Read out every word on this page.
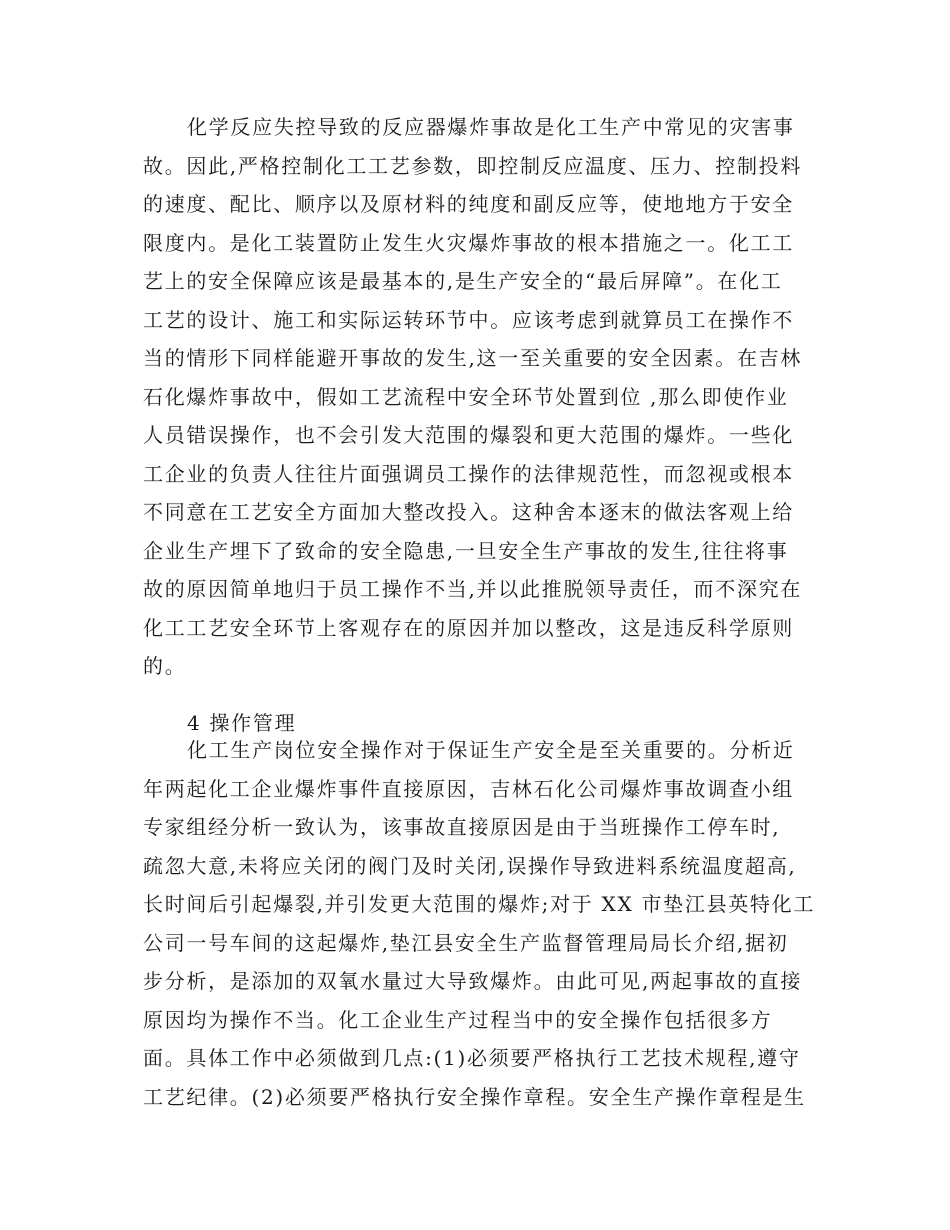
化学反应失控导致的反应器爆炸事故是化工生产中常见的灾害事
故。因此,严格控制化工工艺参数，即控制反应温度、压力、控制投料
的速度、配比、顺序以及原材料的纯度和副反应等，使地地方于安全
限度内。是化工装置防止发生火灾爆炸事故的根本措施之一。化工工
艺上的安全保障应该是最基本的,是生产安全的“最后屏障”。在化工
工艺的设计、施工和实际运转环节中。应该考虑到就算员工在操作不
当的情形下同样能避开事故的发生,这一至关重要的安全因素。在吉林
石化爆炸事故中，假如工艺流程中安全环节处置到位 ,那么即使作业
人员错误操作，也不会引发大范围的爆裂和更大范围的爆炸。一些化
工企业的负责人往往片面强调员工操作的法律规范性，而忽视或根本
不同意在工艺安全方面加大整改投入。这种舍本逐末的做法客观上给
企业生产埋下了致命的安全隐患,一旦安全生产事故的发生,往往将事
故的原因简单地归于员工操作不当,并以此推脱领导责任，而不深究在
化工工艺安全环节上客观存在的原因并加以整改，这是违反科学原则
的。
4 操作管理
化工生产岗位安全操作对于保证生产安全是至关重要的。分析近
年两起化工企业爆炸事件直接原因，吉林石化公司爆炸事故调查小组
专家组经分析一致认为，该事故直接原因是由于当班操作工停车时,
疏忽大意,未将应关闭的阀门及时关闭,误操作导致进料系统温度超高,
长时间后引起爆裂,并引发更大范围的爆炸;对于 XX 市垫江县英特化工
公司一号车间的这起爆炸,垫江县安全生产监督管理局局长介绍,据初
步分析，是添加的双氧水量过大导致爆炸。由此可见,两起事故的直接
原因均为操作不当。化工企业生产过程当中的安全操作包括很多方
面。具体工作中必须做到几点:(1)必须要严格执行工艺技术规程,遵守
工艺纪律。(2)必须要严格执行安全操作章程。安全生产操作章程是生
